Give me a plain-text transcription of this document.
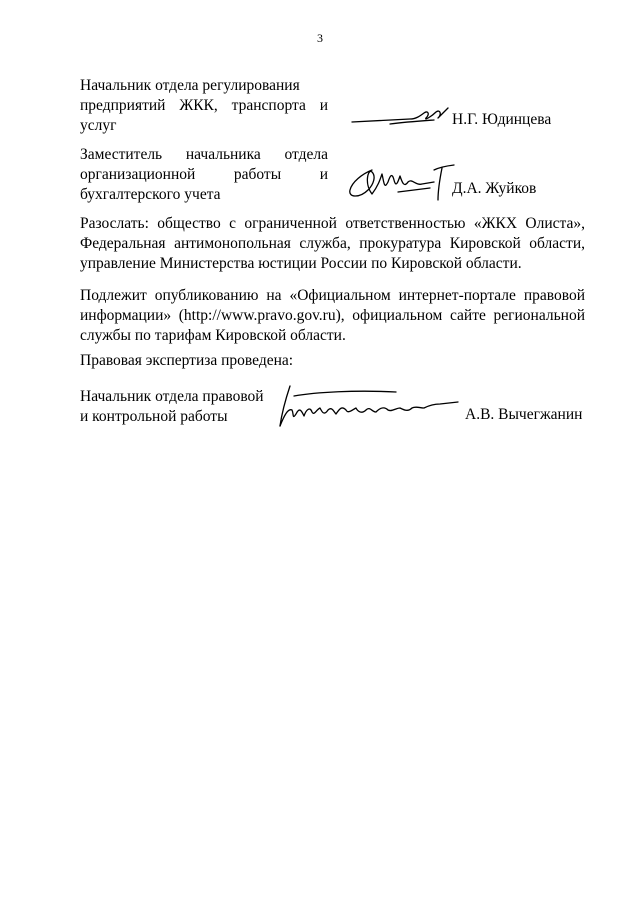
3
Начальник отдела регулирования
предприятий ЖКК, транспорта и
услуг	Н.Г. Юдинцева
Заместитель начальника отдела
организационной работы и
бухгалтерского учета	Д.А. Жуйков
Разослать: общество с ограниченной ответственностью «ЖКХ Олиста», Федеральная антимонопольная служба, прокуратура Кировской области, управление Министерства юстиции России по Кировской области.
Подлежит опубликованию на «Официальном интернет-портале правовой информации» (http://www.pravo.gov.ru), официальном сайте региональной службы по тарифам Кировской области.
Правовая экспертиза проведена:
Начальник отдела правовой
и контрольной работы	А.В. Вычегжанин
